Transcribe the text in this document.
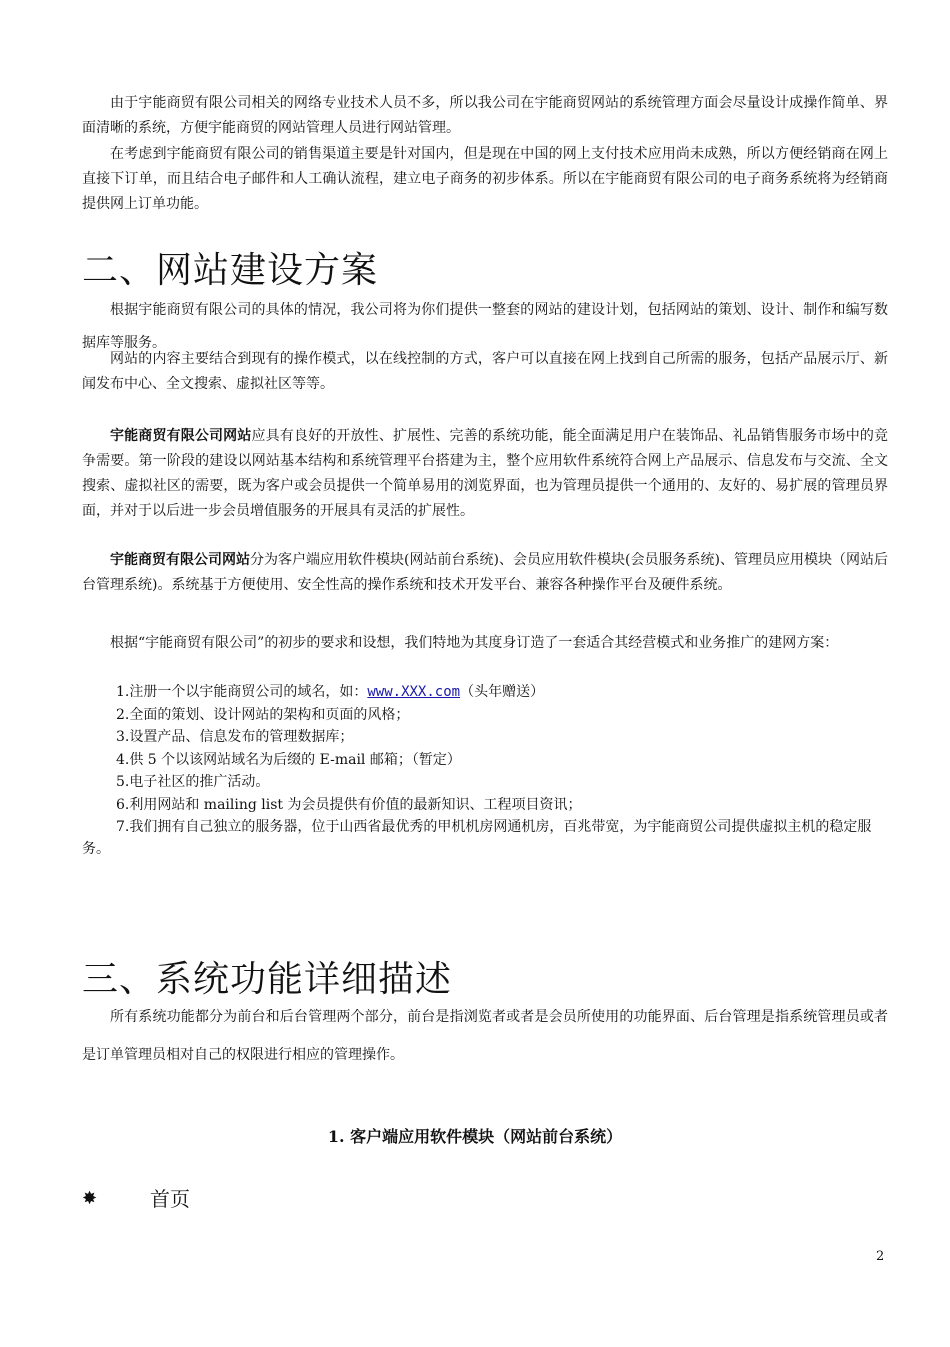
由于宇能商贸有限公司相关的网络专业技术人员不多，所以我公司在宇能商贸网站的系统管理方面会尽量设计成操作简单、界面清晰的系统，方便宇能商贸的网站管理人员进行网站管理。

在考虑到宇能商贸有限公司的销售渠道主要是针对国内，但是现在中国的网上支付技术应用尚未成熟，所以方便经销商在网上直接下订单，而且结合电子邮件和人工确认流程，建立电子商务的初步体系。所以在宇能商贸有限公司的电子商务系统将为经销商提供网上订单功能。

二、网站建设方案

根据宇能商贸有限公司的具体的情况，我公司将为你们提供一整套的网站的建设计划，包括网站的策划、设计、制作和编写数据库等服务。

网站的内容主要结合到现有的操作模式，以在线控制的方式，客户可以直接在网上找到自己所需的服务，包括产品展示厅、新闻发布中心、全文搜索、虚拟社区等等。

宇能商贸有限公司网站应具有良好的开放性、扩展性、完善的系统功能，能全面满足用户在装饰品、礼品销售服务市场中的竞争需要。第一阶段的建设以网站基本结构和系统管理平台搭建为主，整个应用软件系统符合网上产品展示、信息发布与交流、全文搜索、虚拟社区的需要，既为客户或会员提供一个简单易用的浏览界面，也为管理员提供一个通用的、友好的、易扩展的管理员界面，并对于以后进一步会员增值服务的开展具有灵活的扩展性。

宇能商贸有限公司网站分为客户端应用软件模块(网站前台系统)、会员应用软件模块(会员服务系统)、管理员应用模块（网站后台管理系统)。系统基于方便使用、安全性高的操作系统和技术开发平台、兼容各种操作平台及硬件系统。

根据“宇能商贸有限公司”的初步的要求和设想，我们特地为其度身订造了一套适合其经营模式和业务推广的建网方案：

1.注册一个以宇能商贸公司的域名，如：www.XXX.com（头年赠送）

2.全面的策划、设计网站的架构和页面的风格；

3.设置产品、信息发布的管理数据库；

4.供 5 个以该网站域名为后缀的 E-mail 邮箱；（暂定）

5.电子社区的推广活动。

6.利用网站和 mailing list 为会员提供有价值的最新知识、工程项目资讯；

7.我们拥有自己独立的服务器，位于山西省最优秀的甲机机房网通机房，百兆带宽，为宇能商贸公司提供虚拟主机的稳定服务。

三、系统功能详细描述

所有系统功能都分为前台和后台管理两个部分，前台是指浏览者或者是会员所使用的功能界面、后台管理是指系统管理员或者是订单管理员相对自己的权限进行相应的管理操作。

1. 客户端应用软件模块（网站前台系统）

✸	首页
2
